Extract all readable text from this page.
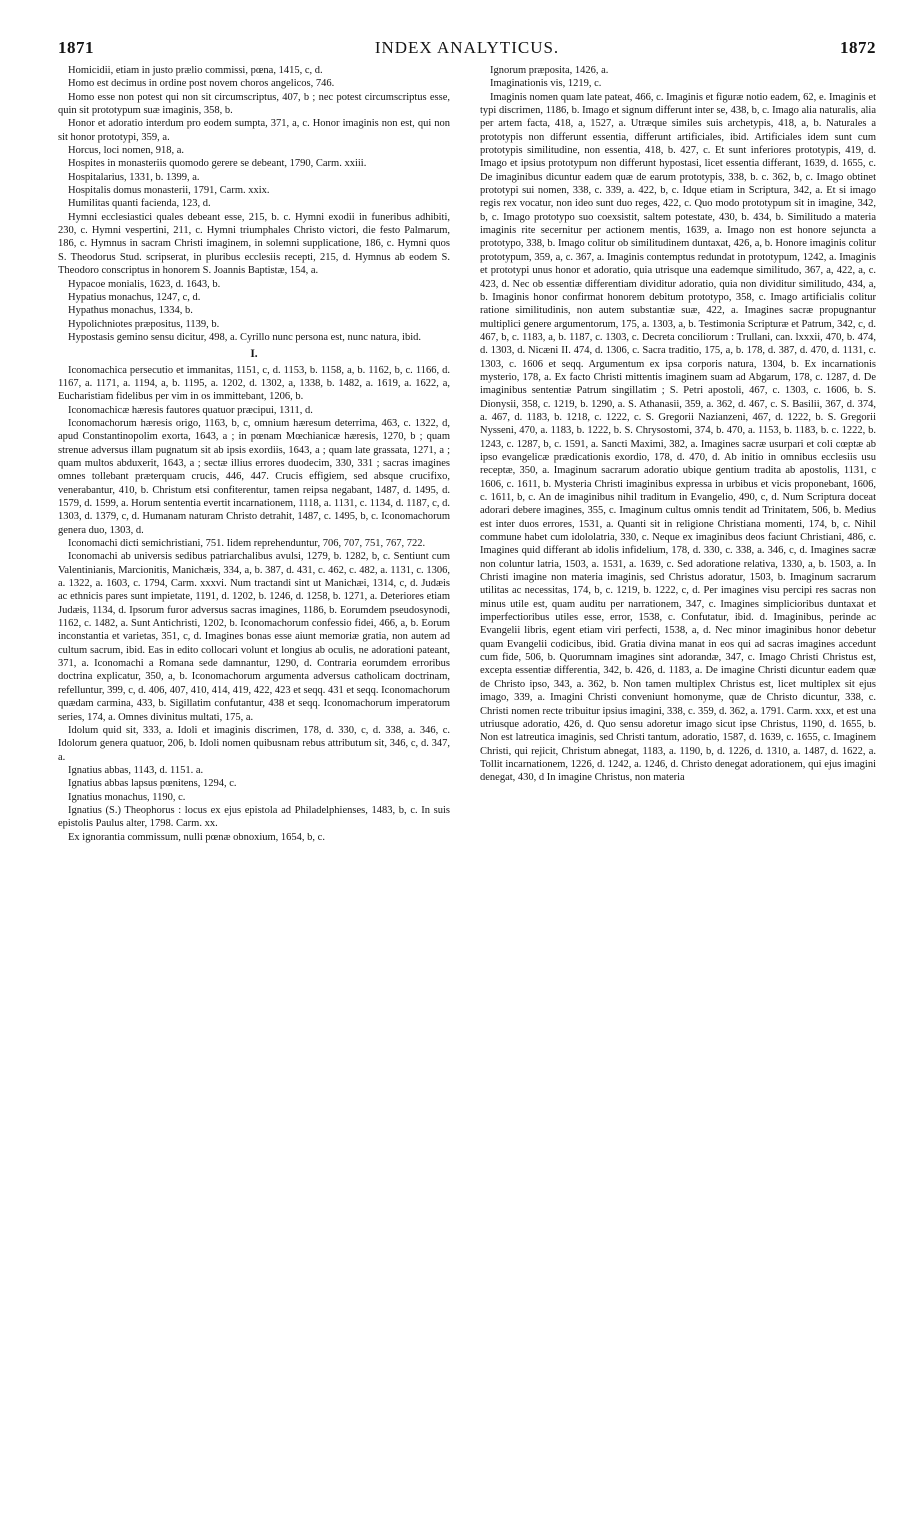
1871	INDEX ANALYTICUS.	1872

Homicidii, etiam in justo prælio commissi, pœna, 1415, c, d.

Homo est decimus in ordine post novem choros angelicos, 746.

Homo esse non potest qui non sit circumscriptus, 407, b ; nec potest circumscriptus esse, quin sit prototypum suæ imaginis, 358, b.

Honor et adoratio interdum pro eodem sumpta, 371, a, c. Honor imaginis non est, qui non sit honor prototypi, 359, a.

Horcus, loci nomen, 918, a.

Hospites in monasteriis quomodo gerere se debeant, 1790, Carm. xxiii.

Hospitalarius, 1331, b. 1399, a.

Hospitalis domus monasterii, 1791, Carm. xxix.

Humilitas quanti facienda, 123, d.

Hymni ecclesiastici quales debeant esse, 215, b. c. Hymni exodii in funeribus adhibiti, 230, c. Hymni vespertini, 211, c. Hymni triumphales Christo victori, die festo Palmarum, 186, c. Hymnus in sacram Christi imaginem, in solemni supplicatione, 186, c. Hymni quos S. Theodorus Stud. scripserat, in pluribus ecclesiis recepti, 215, d. Hymnus ab eodem S. Theodoro conscriptus in honorem S. Joannis Baptistæ, 154, a.

Hypacoe monialis, 1623, d. 1643, b.

Hypatius monachus, 1247, c, d.

Hypathus monachus, 1334, b.

Hypolichniotes præpositus, 1139, b.

Hypostasis gemino sensu dicitur, 498, a. Cyrillo nunc persona est, nunc natura, ibid.

I.

Iconomachica persecutio et immanitas, 1151, c, d. 1153, b. 1158, a, b. 1162, b, c. 1166, d. 1167, a. 1171, a. 1194, a, b. 1195, a. 1202, d. 1302, a, 1338, b. 1482, a. 1619, a. 1622, a, Eucharistiam fidelibus per vim in os immittebant, 1206, b.

Iconomachicæ hæresis fautores quatuor præcipui, 1311, d.

Iconomachorum hæresis origo, 1163, b, c, omnium hæresum deterrima, 463, c. 1322, d, apud Constantinopolim exorta, 1643, a ; in pœnam Mœchianicæ hæresis, 1270, b ; quam strenue adversus illam pugnatum sit ab ipsis exordiis, 1643, a ; quam late grassata, 1271, a ; quam multos abduxerit, 1643, a ; sectæ illius errores duodecim, 330, 331 ; sacras imagines omnes tollebant præterquam crucis, 446, 447. Crucis effigiem, sed absque crucifixo, venerabantur, 410, b. Christum etsi confiterentur, tamen reipsa negabant, 1487, d. 1495, d. 1579, d. 1599, a. Horum sententia evertit incarnationem, 1118, a. 1131, c. 1134, d. 1187, c, d. 1303, d. 1379, c, d. Humanam naturam Christo detrahit, 1487, c. 1495, b, c. Iconomachorum genera duo, 1303, d.

Iconomachi dicti semichristiani, 751. Iidem reprehenduntur, 706, 707, 751, 767, 722.

Iconomachi ab universis sedibus patriarchalibus avulsi, 1279, b. 1282, b, c. Sentiunt cum Valentinianis, Marcionitis, Manichæis, 334, a, b. 387, d. 431, c. 462, c. 482, a. 1131, c. 1306, a. 1322, a. 1603, c. 1794, Carm. xxxvi. Num tractandi sint ut Manichæi, 1314, c, d. Judæis ac ethnicis pares sunt impietate, 1191, d. 1202, b. 1246, d. 1258, b. 1271, a. Deteriores etiam Judæis, 1134, d. Ipsorum furor adversus sacras imagines, 1186, b. Eorumdem pseudosynodi, 1162, c. 1482, a. Sunt Antichristi, 1202, b. Iconomachorum confessio fidei, 466, a, b. Eorum inconstantia et varietas, 351, c, d. Imagines bonas esse aiunt memoriæ gratia, non autem ad cultum sacrum, ibid. Eas in edito collocari volunt et longius ab oculis, ne adorationi pateant, 371, a. Iconomachi a Romana sede damnantur, 1290, d. Contraria eorumdem erroribus doctrina explicatur, 350, a, b. Iconomachorum argumenta adversus catholicam doctrinam, refelluntur, 399, c, d. 406, 407, 410, 414, 419, 422, 423 et seqq. 431 et seqq. Iconomachorum quædam carmina, 433, b. Sigillatim confutantur, 438 et seqq. Iconomachorum imperatorum series, 174, a. Omnes divinitus multati, 175, a.

Idolum quid sit, 333, a. Idoli et imaginis discrimen, 178, d. 330, c, d. 338, a. 346, c. Idolorum genera quatuor, 206, b. Idoli nomen quibusnam rebus attributum sit, 346, c, d. 347, a.

Ignatius abbas, 1143, d. 1151. a.

Ignatius abbas lapsus pœnitens, 1294, c.

Ignatius monachus, 1190, c.

Ignatius (S.) Theophorus : locus ex ejus epistola ad Philadelphienses, 1483, b, c. In suis epistolis Paulus alter, 1798. Carm. xx.

Ex ignorantia commissum, nulli pœnæ obnoxium, 1654, b, c.

Ignorum præposita, 1426, a.

Imaginationis vis, 1219, c.

Imaginis nomen quam late pateat, 466, c. Imaginis et figuræ notio eadem, 62, e. Imaginis et typi discrimen, 1186, b. Imago et signum differunt inter se, 438, b, c. Imago alia naturalis, alia per artem facta, 418, a, 1527, a. Utræque similes suis archetypis, 418, a, b. Naturales a prototypis non differunt essentia, differunt artificiales, ibid. Artificiales idem sunt cum prototypis similitudine, non essentia, 418, b. 427, c. Et sunt inferiores prototypis, 419, d. Imago et ipsius prototypum non differunt hypostasi, licet essentia differant, 1639, d. 1655, c. De imaginibus dicuntur eadem quæ de earum prototypis, 338, b. c. 362, b, c. Imago obtinet prototypi sui nomen, 338, c. 339, a. 422, b, c. Idque etiam in Scriptura, 342, a. Et si imago regis rex vocatur, non ideo sunt duo reges, 422, c. Quo modo prototypum sit in imagine, 342, b, c. Imago prototypo suo coexsistit, saltem potestate, 430, b. 434, b. Similitudo a materia imaginis rite secernitur per actionem mentis, 1639, a. Imago non est honore sejuncta a prototypo, 338, b. Imago colitur ob similitudinem duntaxat, 426, a, b. Honore imaginis colitur prototypum, 359, a, c. 367, a. Imaginis contemptus redundat in prototypum, 1242, a. Imaginis et prototypi unus honor et adoratio, quia utrisque una eademque similitudo, 367, a, 422, a, c. 423, d. Nec ob essentiæ differentiam dividitur adoratio, quia non dividitur similitudo, 434, a, b. Imaginis honor confirmat honorem debitum prototypo, 358, c. Imago artificialis colitur ratione similitudinis, non autem substantiæ suæ, 422, a. Imagines sacræ propugnantur multiplici genere argumentorum, 175, a. 1303, a, b. Testimonia Scripturæ et Patrum, 342, c, d. 467, b, c. 1183, a, b. 1187, c. 1303, c. Decreta conciliorum : Trullani, can. lxxxii, 470, b. 474, d. 1303, d. Nicæni II. 474, d. 1306, c. Sacra traditio, 175, a, b. 178, d. 387, d. 470, d. 1131, c. 1303, c. 1606 et seqq. Argumentum ex ipsa corporis natura, 1304, b. Ex incarnationis mysterio, 178, a. Ex facto Christi mittentis imaginem suam ad Abgarum, 178, c. 1287, d. De imaginibus sententiæ Patrum singillatim ; S. Petri apostoli, 467, c. 1303, c. 1606, b. S. Dionysii, 358, c. 1219, b. 1290, a. S. Athanasii, 359, a. 362, d. 467, c. S. Basilii, 367, d. 374, a. 467, d. 1183, b. 1218, c. 1222, c. S. Gregorii Nazianzeni, 467, d. 1222, b. S. Gregorii Nysseni, 470, a. 1183, b. 1222, b. S. Chrysostomi, 374, b. 470, a. 1153, b. 1183, b. c. 1222, b. 1243, c. 1287, b, c. 1591, a. Sancti Maximi, 382, a. Imagines sacræ usurpari et coli cœptæ ab ipso evangelicæ prædicationis exordio, 178, d. 470, d. Ab initio in omnibus ecclesiis usu receptæ, 350, a. Imaginum sacrarum adoratio ubique gentium tradita ab apostolis, 1131, c 1606, c. 1611, b. Mysteria Christi imaginibus expressa in urbibus et vicis proponebant, 1606, c. 1611, b, c. An de imaginibus nihil traditum in Evangelio, 490, c, d. Num Scriptura doceat adorari debere imagines, 355, c. Imaginum cultus omnis tendit ad Trinitatem, 506, b. Medius est inter duos errores, 1531, a. Quanti sit in religione Christiana momenti, 174, b, c. Nihil commune habet cum idololatria, 330, c. Neque ex imaginibus deos faciunt Christiani, 486, c. Imagines quid differant ab idolis infidelium, 178, d. 330, c. 338, a. 346, c, d. Imagines sacræ non coluntur latria, 1503, a. 1531, a. 1639, c. Sed adoratione relativa, 1330, a, b. 1503, a. In Christi imagine non materia imaginis, sed Christus adoratur, 1503, b. Imaginum sacrarum utilitas ac necessitas, 174, b, c. 1219, b. 1222, c, d. Per imagines visu percipi res sacras non minus utile est, quam auditu per narrationem, 347, c. Imagines simplicioribus duntaxat et imperfectioribus utiles esse, error, 1538, c. Confutatur, ibid. d. Imaginibus, perinde ac Evangelii libris, egent etiam viri perfecti, 1538, a, d. Nec minor imaginibus honor debetur quam Evangelii codicibus, ibid. Gratia divina manat in eos qui ad sacras imagines accedunt cum fide, 506, b. Quorumnam imagines sint adorandæ, 347, c. Imago Christi Christus est, excepta essentiæ differentia, 342, b. 426, d. 1183, a. De imagine Christi dicuntur eadem quæ de Christo ipso, 343, a. 362, b. Non tamen multiplex Christus est, licet multiplex sit ejus imago, 339, a. Imagini Christi conveniunt homonyme, quæ de Christo dicuntur, 338, c. Christi nomen recte tribuitur ipsius imagini, 338, c. 359, d. 362, a. 1791. Carm. xxx, et est una utriusque adoratio, 426, d. Quo sensu adoretur imago sicut ipse Christus, 1190, d. 1655, b. Non est latreutica imaginis, sed Christi tantum, adoratio, 1587, d. 1639, c. 1655, c. Imaginem Christi, qui rejicit, Christum abnegat, 1183, a. 1190, b, d. 1226, d. 1310, a. 1487, d. 1622, a. Tollit incarnationem, 1226, d. 1242, a. 1246, d. Christo denegat adorationem, qui ejus imagini denegat, 430, d In imagine Christus, non materia
